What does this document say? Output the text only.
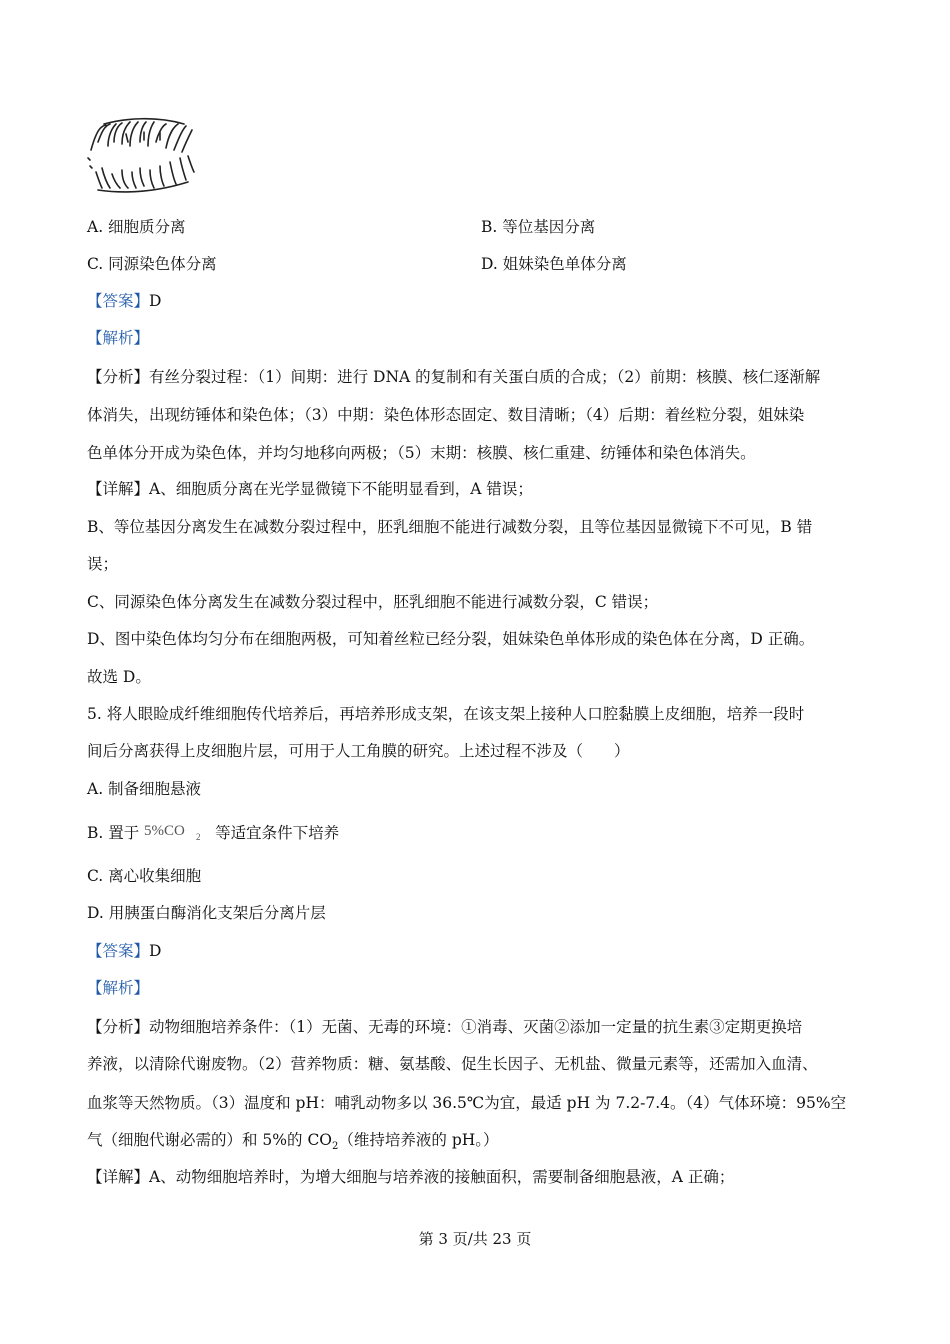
A. 细胞质分离	B. 等位基因分离
C. 同源染色体分离	D. 姐妹染色单体分离
【答案】D
【解析】
【分析】有丝分裂过程：（1）间期：进行 DNA 的复制和有关蛋白质的合成；（2）前期：核膜、核仁逐渐解
体消失，出现纺锤体和染色体；（3）中期：染色体形态固定、数目清晰；（4）后期：着丝粒分裂，姐妹染
色单体分开成为染色体，并均匀地移向两极；（5）末期：核膜、核仁重建、纺锤体和染色体消失。
【详解】A、细胞质分离在光学显微镜下不能明显看到，A 错误；
B、等位基因分离发生在减数分裂过程中，胚乳细胞不能进行减数分裂，且等位基因显微镜下不可见，B 错
误；
C、同源染色体分离发生在减数分裂过程中，胚乳细胞不能进行减数分裂，C 错误；
D、图中染色体均匀分布在细胞两极，可知着丝粒已经分裂，姐妹染色单体形成的染色体在分离，D 正确。
故选 D。
5. 将人眼睑成纤维细胞传代培养后，再培养形成支架，在该支架上接种人口腔黏膜上皮细胞，培养一段时
间后分离获得上皮细胞片层，可用于人工角膜的研究。上述过程不涉及（　　）
A. 制备细胞悬液
B. 置于 5%CO 2 等适宜条件下培养
C. 离心收集细胞
D. 用胰蛋白酶消化支架后分离片层
【答案】D
【解析】
【分析】动物细胞培养条件：（1）无菌、无毒的环境：①消毒、灭菌②添加一定量的抗生素③定期更换培
养液，以清除代谢废物。（2）营养物质：糖、氨基酸、促生长因子、无机盐、微量元素等，还需加入血清、
血浆等天然物质。（3）温度和 pH：哺乳动物多以 36.5℃为宜，最适 pH 为 7.2-7.4。（4）气体环境：95%空
气（细胞代谢必需的）和 5%的 $CO_2$（维持培养液的 pH。）
【详解】A、动物细胞培养时，为增大细胞与培养液的接触面积，需要制备细胞悬液，A 正确；
第 3 页/共 23 页
